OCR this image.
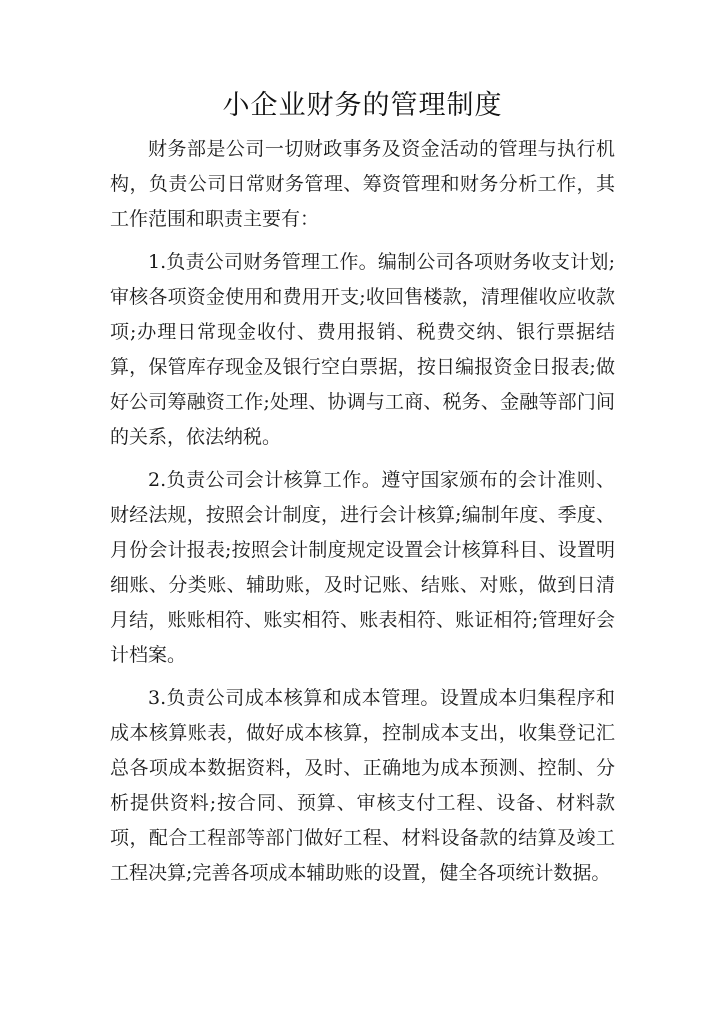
小企业财务的管理制度

财务部是公司一切财政事务及资金活动的管理与执行机构，负责公司日常财务管理、筹资管理和财务分析工作，其工作范围和职责主要有：

1.负责公司财务管理工作。编制公司各项财务收支计划;审核各项资金使用和费用开支;收回售楼款，清理催收应收款项;办理日常现金收付、费用报销、税费交纳、银行票据结算，保管库存现金及银行空白票据，按日编报资金日报表;做好公司筹融资工作;处理、协调与工商、税务、金融等部门间的关系，依法纳税。

2.负责公司会计核算工作。遵守国家颁布的会计准则、财经法规，按照会计制度，进行会计核算;编制年度、季度、月份会计报表;按照会计制度规定设置会计核算科目、设置明细账、分类账、辅助账，及时记账、结账、对账，做到日清月结，账账相符、账实相符、账表相符、账证相符;管理好会计档案。

3.负责公司成本核算和成本管理。设置成本归集程序和成本核算账表，做好成本核算，控制成本支出，收集登记汇总各项成本数据资料，及时、正确地为成本预测、控制、分析提供资料;按合同、预算、审核支付工程、设备、材料款项，配合工程部等部门做好工程、材料设备款的结算及竣工工程决算;完善各项成本辅助账的设置，健全各项统计数据。
